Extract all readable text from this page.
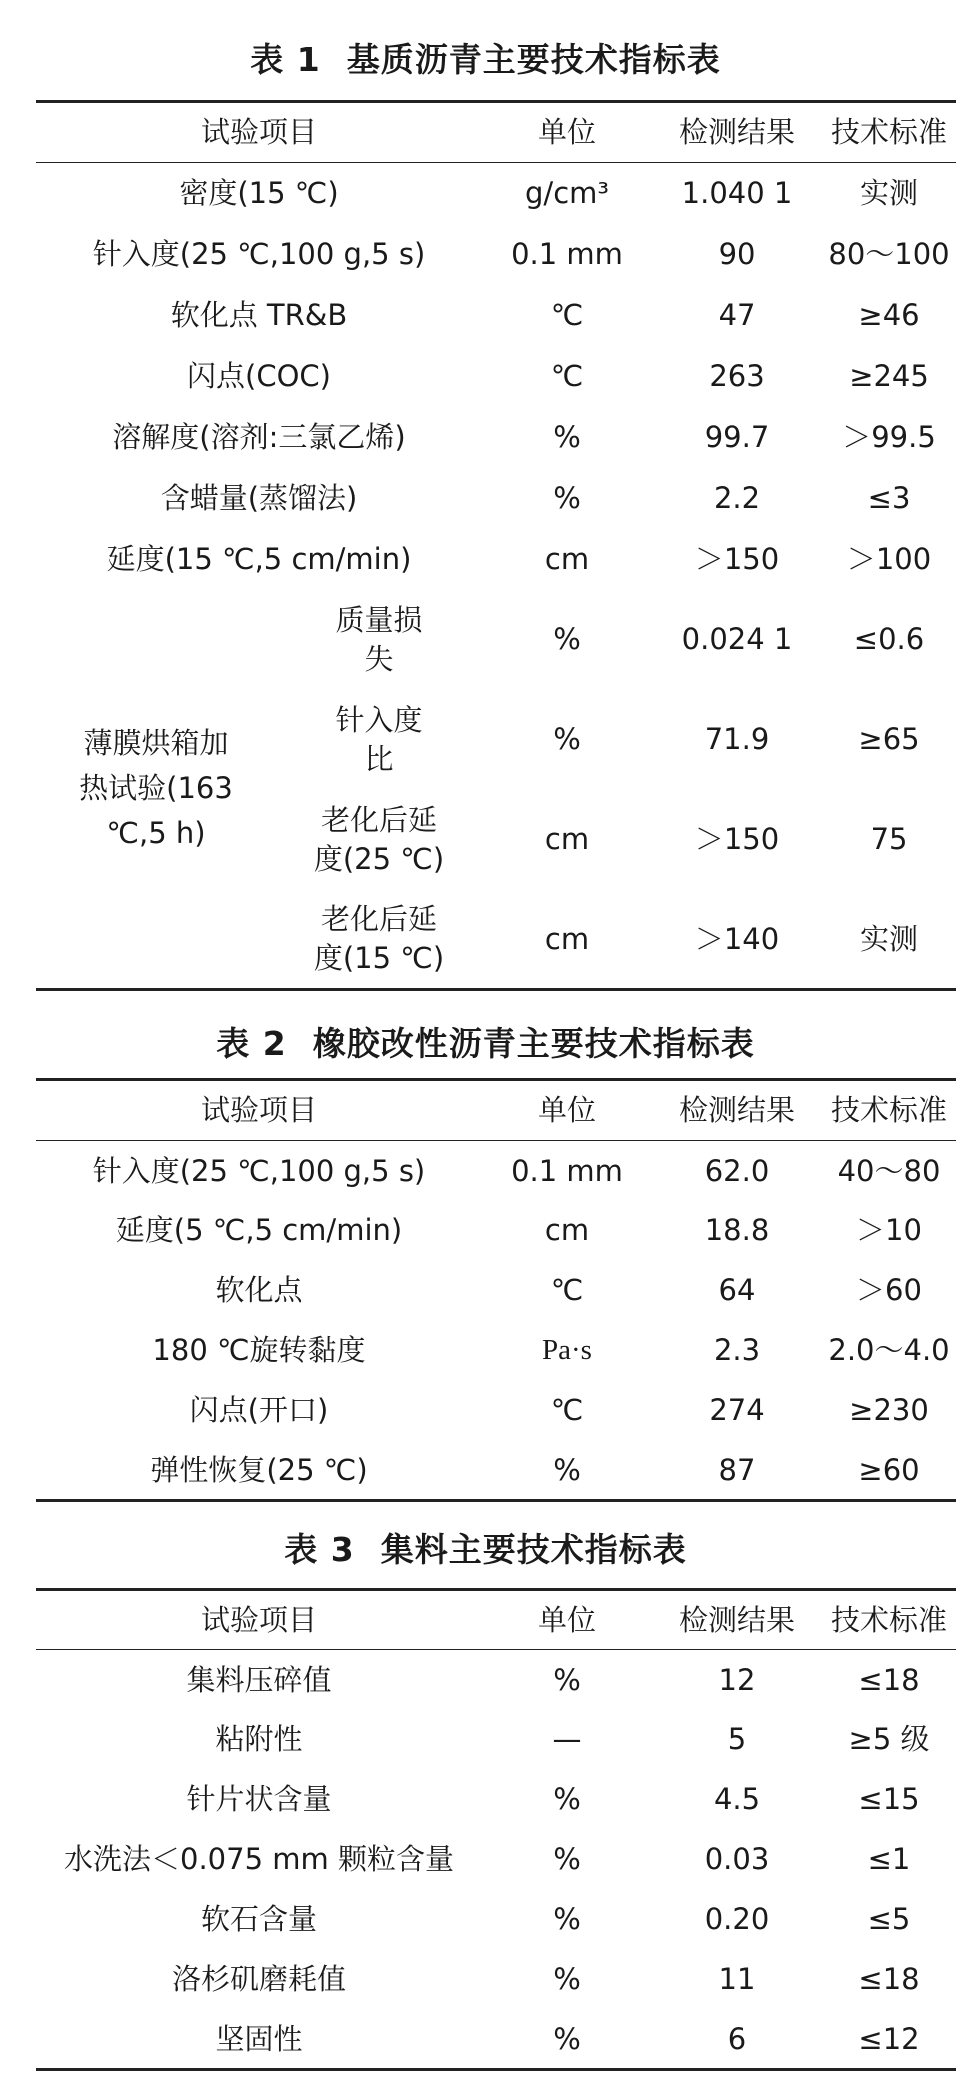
表 1 基质沥青主要技术指标表
试验项目		单位	检测结果	技术标准
密度(15 ℃)		g/cm³	1.040 1	实测
针入度(25 ℃,100 g,5 s)		0.1 mm	90	80～100
软化点 TR&B		℃	47	≥46
闪点(COC)		℃	263	≥245
溶解度(溶剂:三氯乙烯)		%	99.7	＞99.5
含蜡量(蒸馏法)		%	2.2	≤3
延度(15 ℃,5 cm/min)		cm	＞150	＞100

薄膜烘箱加热试验(163 ℃,5 h)	质量损失	%	0.024 1	≤0.6

	针入度比	%	71.9	≥65

	老化后延度(25 ℃)	cm	＞150	75

	老化后延度(15 ℃)	cm	＞140	实测
表 2 橡胶改性沥青主要技术指标表
试验项目	单位	检测结果	技术标准
针入度(25 ℃,100 g,5 s)	0.1 mm	62.0	40～80
延度(5 ℃,5 cm/min)	cm	18.8	＞10
软化点	℃	64	＞60
180 ℃旋转黏度	Pa·s	2.3	2.0～4.0
闪点(开口)	℃	274	≥230
弹性恢复(25 ℃)	%	87	≥60
表 3 集料主要技术指标表
试验项目	单位	检测结果	技术标准
集料压碎值	%	12	≤18
粘附性	—	5	≥5 级
针片状含量	%	4.5	≤15
水洗法＜0.075 mm 颗粒含量	%	0.03	≤1
软石含量	%	0.20	≤5
洛杉矶磨耗值	%	11	≤18
坚固性	%	6	≤12
